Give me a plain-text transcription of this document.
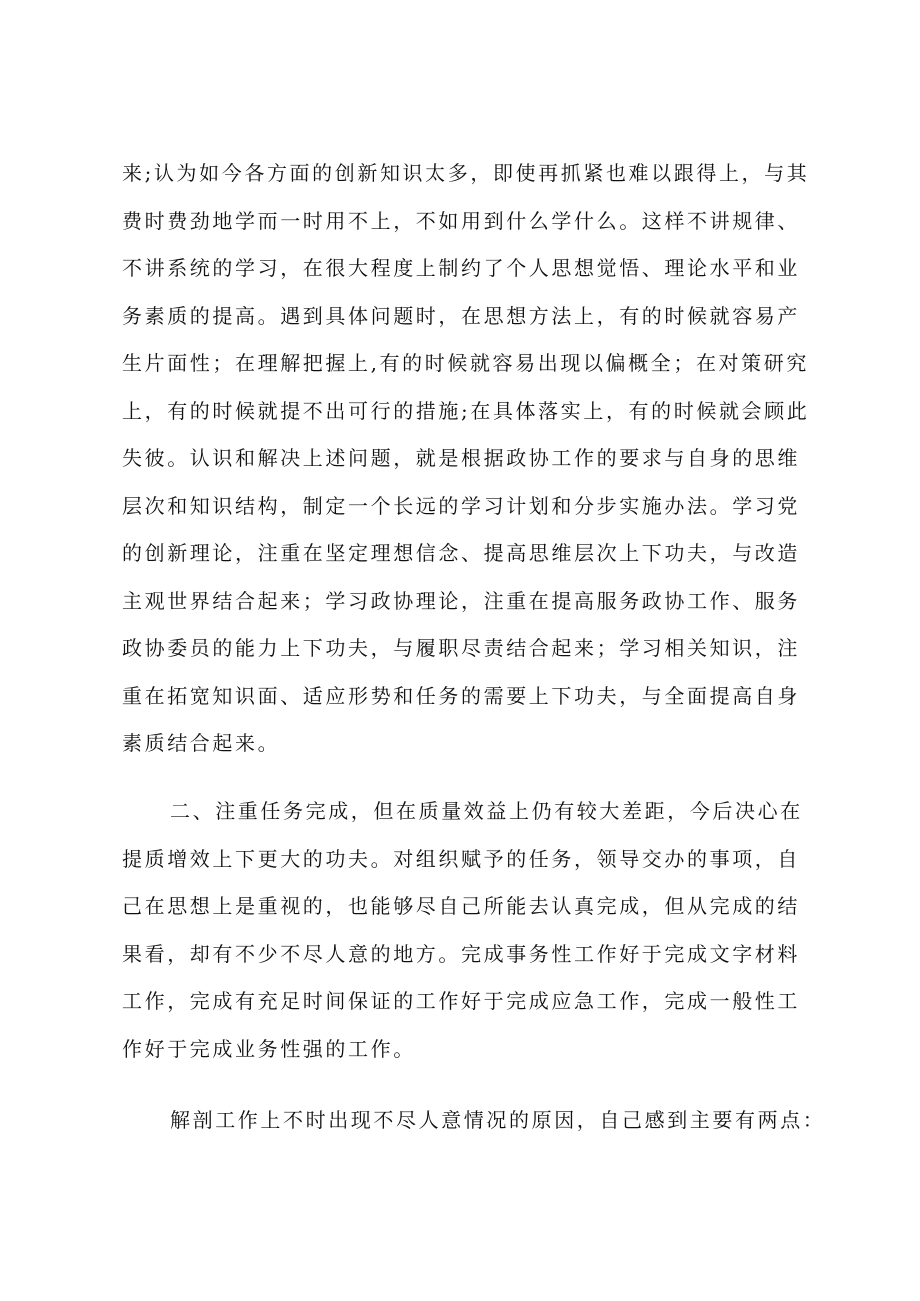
来;认为如今各方面的创新知识太多，即使再抓紧也难以跟得上，与其
费时费劲地学而一时用不上，不如用到什么学什么。这样不讲规律、
不讲系统的学习，在很大程度上制约了个人思想觉悟、理论水平和业
务素质的提高。遇到具体问题时，在思想方法上，有的时候就容易产
生片面性；在理解把握上,有的时候就容易出现以偏概全；在对策研究
上，有的时候就提不出可行的措施;在具体落实上，有的时候就会顾此
失彼。认识和解决上述问题，就是根据政协工作的要求与自身的思维
层次和知识结构，制定一个长远的学习计划和分步实施办法。学习党
的创新理论，注重在坚定理想信念、提高思维层次上下功夫，与改造
主观世界结合起来；学习政协理论，注重在提高服务政协工作、服务
政协委员的能力上下功夫，与履职尽责结合起来；学习相关知识，注
重在拓宽知识面、适应形势和任务的需要上下功夫，与全面提高自身
素质结合起来。
二、注重任务完成，但在质量效益上仍有较大差距，今后决心在
提质增效上下更大的功夫。对组织赋予的任务，领导交办的事项，自
己在思想上是重视的，也能够尽自己所能去认真完成，但从完成的结
果看，却有不少不尽人意的地方。完成事务性工作好于完成文字材料
工作，完成有充足时间保证的工作好于完成应急工作，完成一般性工
作好于完成业务性强的工作。
解剖工作上不时出现不尽人意情况的原因，自己感到主要有两点：
